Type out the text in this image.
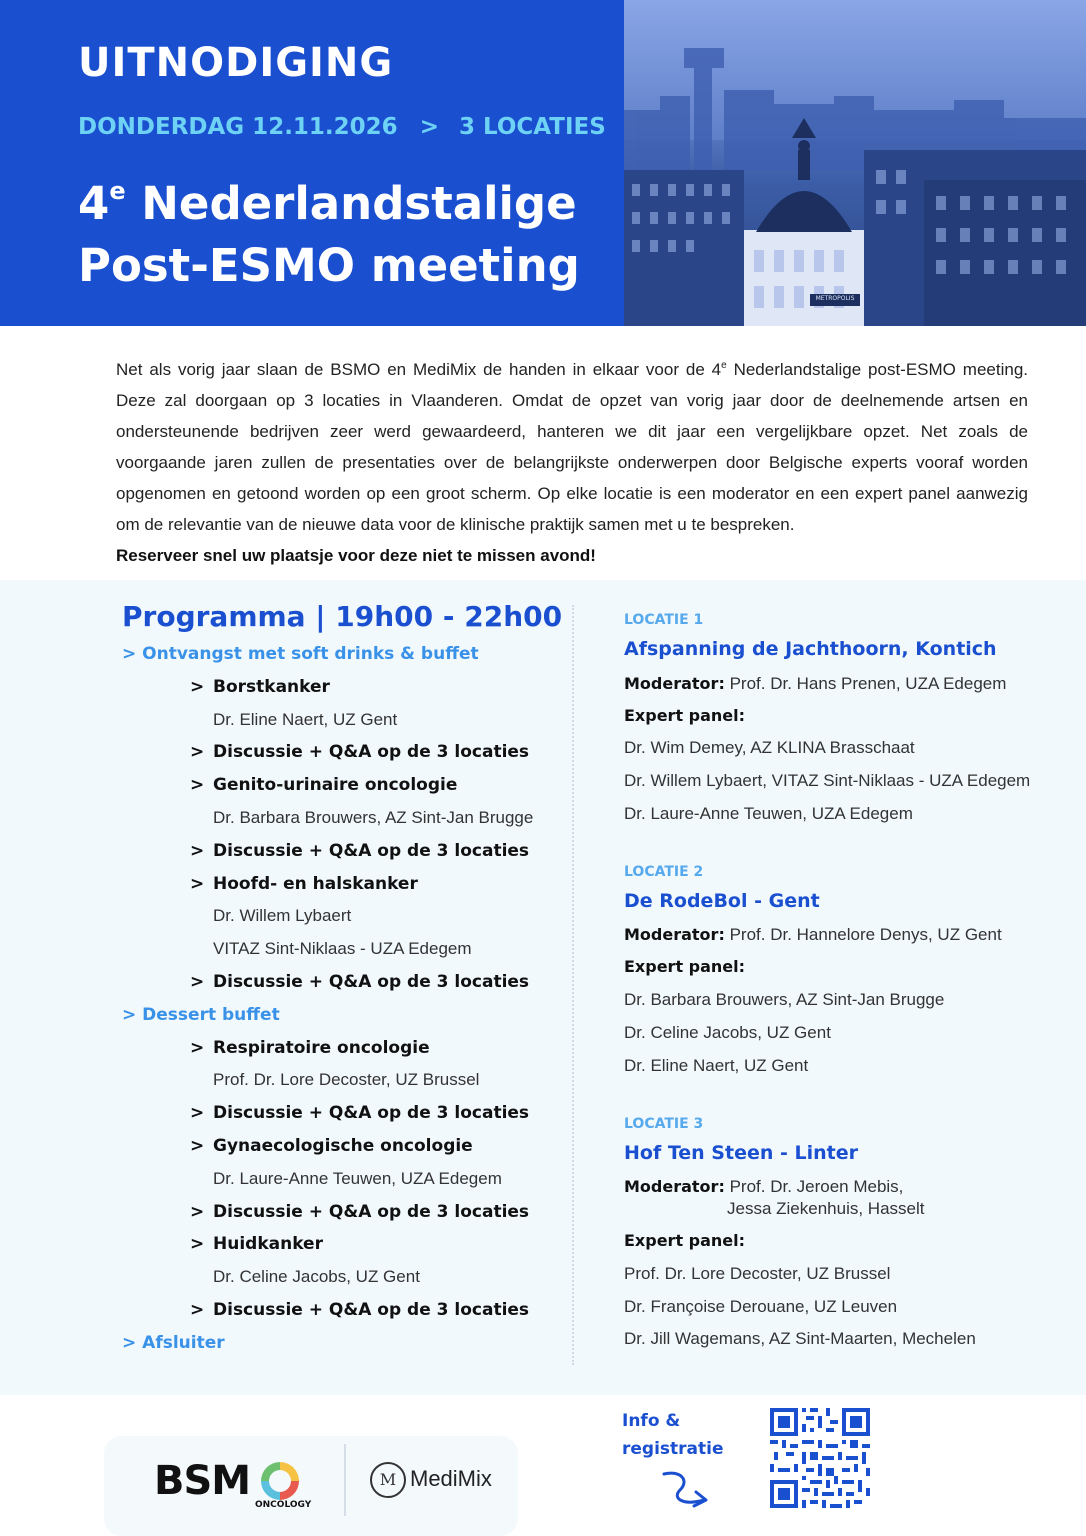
METROPOLIS
UITNODIGING
DONDERDAG 12.11.2026 > 3 LOCATIES
4e Nederlandstalige
Post-ESMO meeting

Net als vorig jaar slaan de BSMO en MediMix de handen in elkaar voor de 4e Nederlandstalige post-ESMO meeting. Deze zal doorgaan op 3 locaties in Vlaanderen. Omdat de opzet van vorig jaar door de deelnemende artsen en ondersteunende bedrijven zeer werd gewaardeerd, hanteren we dit jaar een vergelijkbare opzet. Net zoals de voorgaande jaren zullen de presentaties over de belangrijkste onderwerpen door Belgische experts vooraf worden opgenomen en getoond worden op een groot scherm. Op elke locatie is een moderator en een expert panel aanwezig om de relevantie van de nieuwe data voor de klinische praktijk samen met u te bespreken.

Reserveer snel uw plaatsje voor deze niet te missen avond!

Programma | 19h00 - 22h00
> Ontvangst met soft drinks & buffet
> Borstkanker
Dr. Eline Naert, UZ Gent
> Discussie + Q&A op de 3 locaties
> Genito-urinaire oncologie
Dr. Barbara Brouwers, AZ Sint-Jan Brugge
> Discussie + Q&A op de 3 locaties
> Hoofd- en halskanker
Dr. Willem Lybaert
VITAZ Sint-Niklaas - UZA Edegem
> Discussie + Q&A op de 3 locaties
> Dessert buffet
> Respiratoire oncologie
Prof. Dr. Lore Decoster, UZ Brussel
> Discussie + Q&A op de 3 locaties
> Gynaecologische oncologie
Dr. Laure-Anne Teuwen, UZA Edegem
> Discussie + Q&A op de 3 locaties
> Huidkanker
Dr. Celine Jacobs, UZ Gent
> Discussie + Q&A op de 3 locaties
> Afsluiter
LOCATIE 1
Afspanning de Jachthoorn, Kontich
Moderator: Prof. Dr. Hans Prenen, UZA Edegem
Expert panel:
Dr. Wim Demey, AZ KLINA Brasschaat
Dr. Willem Lybaert, VITAZ Sint-Niklaas - UZA Edegem
Dr. Laure-Anne Teuwen, UZA Edegem
LOCATIE 2
De RodeBol - Gent
Moderator: Prof. Dr. Hannelore Denys, UZ Gent
Expert panel:
Dr. Barbara Brouwers, AZ Sint-Jan Brugge
Dr. Celine Jacobs, UZ Gent
Dr. Eline Naert, UZ Gent
LOCATIE 3
Hof Ten Steen - Linter
Moderator: Prof. Dr. Jeroen Mebis,
Jessa Ziekenhuis, Hasselt
Expert panel:
Prof. Dr. Lore Decoster, UZ Brussel
Dr. Françoise Derouane, UZ Leuven
Dr. Jill Wagemans, AZ Sint-Maarten, Mechelen
BSM
ONCOLOGY
M MediMix
Info &
registratie
